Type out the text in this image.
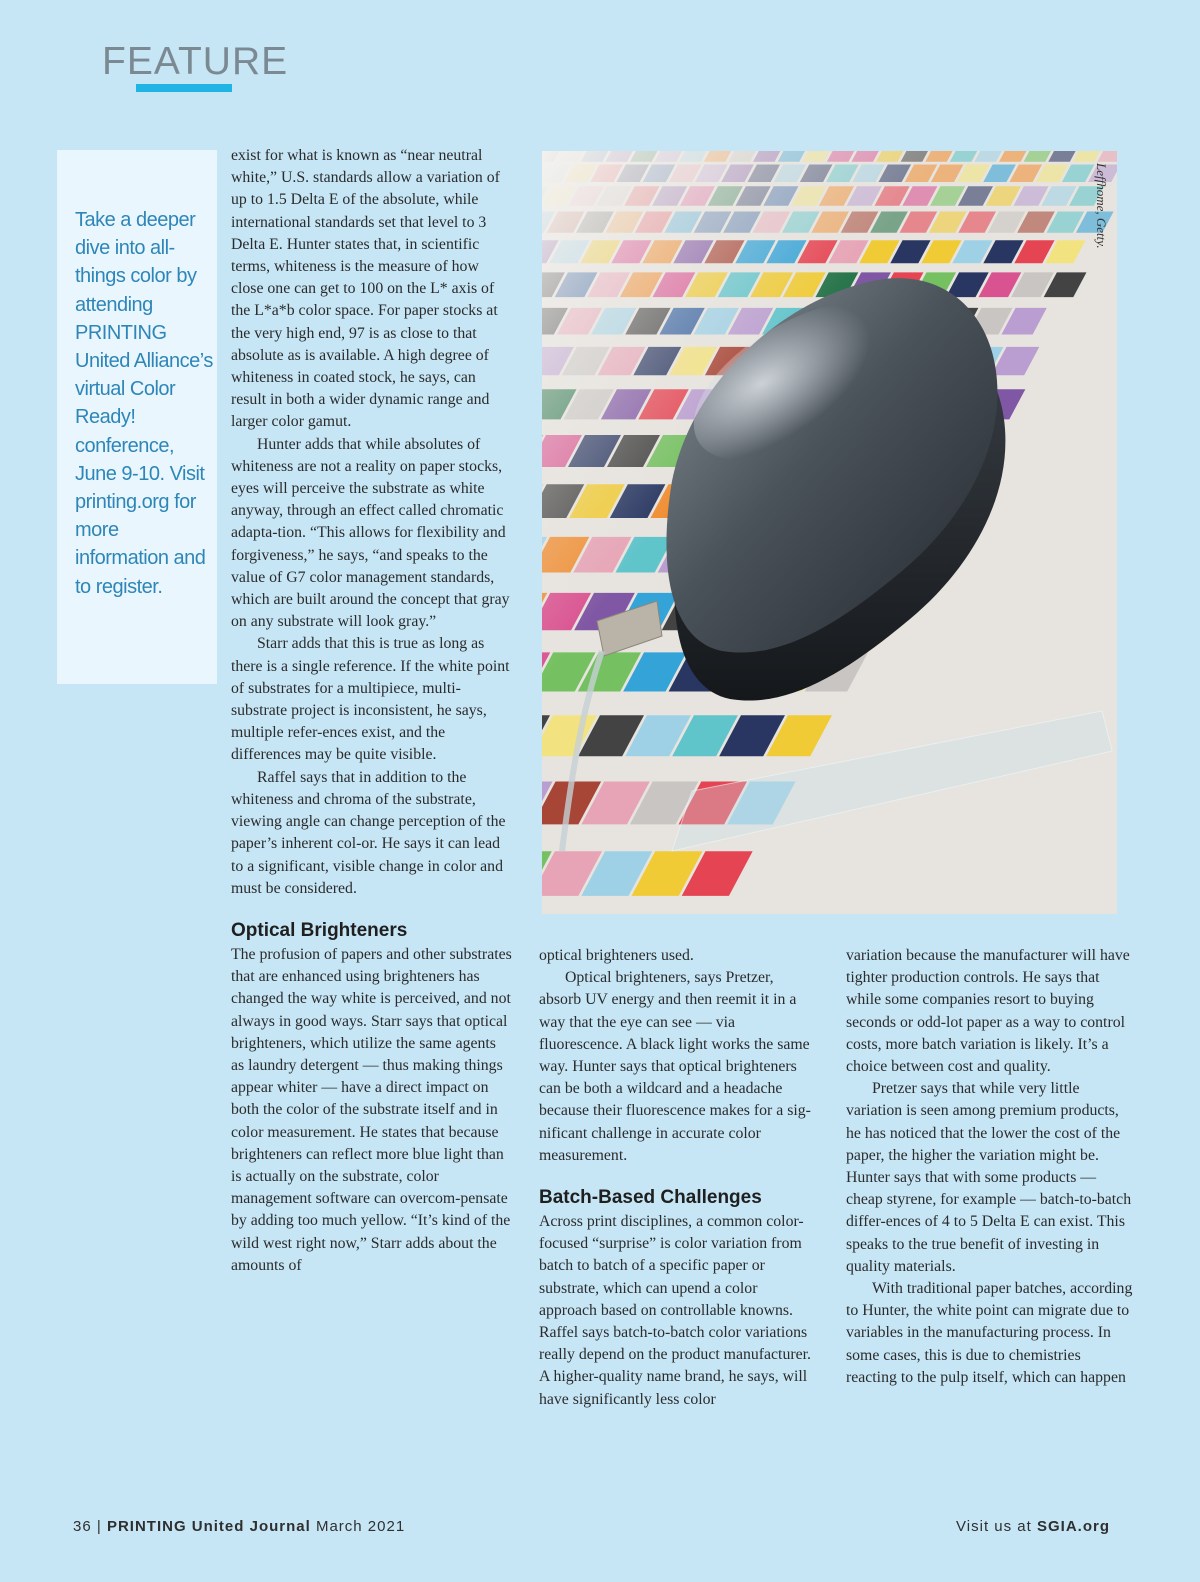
FEATURE
Take a deeper dive into all-things color by attending PRINTING United Alliance’s virtual Color Ready! conference, June 9-10. Visit printing.org for more information and to register.

exist for what is known as “near neutral white,” U.S. standards allow a variation of up to 1.5 Delta E of the absolute, while international standards set that level to 3 Delta E. Hunter states that, in scientific terms, whiteness is the measure of how close one can get to 100 on the L* axis of the L*a*b color space. For paper stocks at the very high end, 97 is as close to that absolute as is available. A high degree of whiteness in coated stock, he says, can result in both a wider dynamic range and larger color gamut.

Hunter adds that while absolutes of whiteness are not a reality on paper stocks, eyes will perceive the substrate as white anyway, through an effect called chromatic adapta-tion. “This allows for flexibility and forgiveness,” he says, “and speaks to the value of G7 color management standards, which are built around the concept that gray on any substrate will look gray.”

Starr adds that this is true as long as there is a single reference. If the white point of substrates for a multipiece, multi-substrate project is inconsistent, he says, multiple refer-ences exist, and the differences may be quite visible.

Raffel says that in addition to the whiteness and chroma of the substrate, viewing angle can change perception of the paper’s inherent col-or. He says it can lead to a significant, visible change in color and must be considered.

Optical Brighteners

The profusion of papers and other substrates that are enhanced using brighteners has changed the way white is perceived, and not always in good ways. Starr says that optical brighteners, which utilize the same agents as laundry detergent — thus making things appear whiter — have a direct impact on both the color of the substrate itself and in color measurement. He states that because brighteners can reflect more blue light than is actually on the substrate, color management software can overcom-pensate by adding too much yellow. “It’s kind of the wild west right now,” Starr adds about the amounts of

Leffhome, Getty.

optical brighteners used.

Optical brighteners, says Pretzer, absorb UV energy and then reemit it in a way that the eye can see — via fluorescence. A black light works the same way. Hunter says that optical brighteners can be both a wildcard and a headache because their fluorescence makes for a sig-nificant challenge in accurate color measurement.

Batch-Based Challenges

Across print disciplines, a common color-focused “surprise” is color variation from batch to batch of a specific paper or substrate, which can upend a color approach based on controllable knowns. Raffel says batch-to-batch color variations really depend on the product manufacturer. A higher-quality name brand, he says, will have significantly less color

variation because the manufacturer will have tighter production controls. He says that while some companies resort to buying seconds or odd-lot paper as a way to control costs, more batch variation is likely. It’s a choice between cost and quality.

Pretzer says that while very little variation is seen among premium products, he has noticed that the lower the cost of the paper, the higher the variation might be. Hunter says that with some products — cheap styrene, for example — batch-to-batch differ-ences of 4 to 5 Delta E can exist. This speaks to the true benefit of investing in quality materials.

With traditional paper batches, according to Hunter, the white point can migrate due to variables in the manufacturing process. In some cases, this is due to chemistries reacting to the pulp itself, which can happen

36 | PRINTING United Journal March 2021	Visit us at SGIA.org
